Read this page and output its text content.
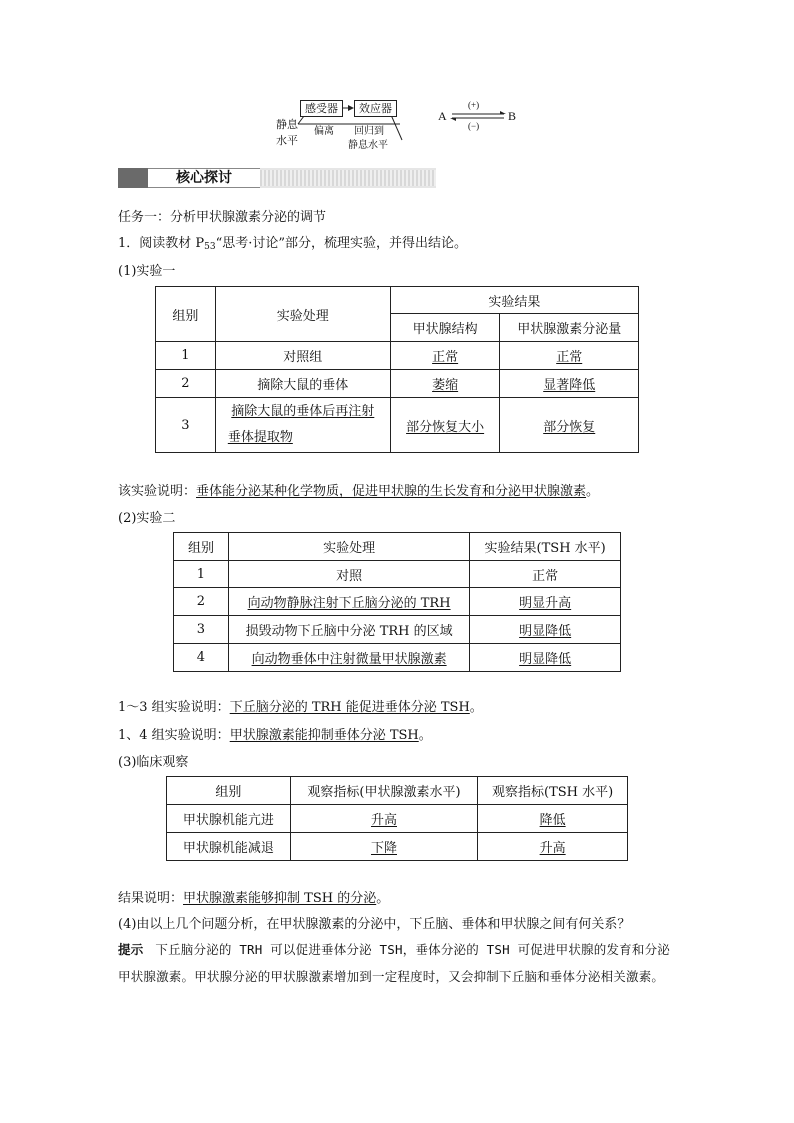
感受器	效应器
静息
水平
偏离 回归到
静息水平
A
(+)
(−)
B
核心探讨
任务一：分析甲状腺激素分泌的调节
1．阅读教材 $P_{53}“$思考·讨论”部分，梳理实验，并得出结论。
(1)实验一
组别	实验处理	实验结果	
		甲状腺结构	甲状腺激素分泌量
1	对照组	正常	正常
2	摘除大鼠的垂体	萎缩	显著降低
3	摘除大鼠的垂体后再注射
垂体提取物	部分恢复大小	部分恢复
该实验说明：垂体能分泌某种化学物质，促进甲状腺的生长发育和分泌甲状腺激素。
(2)实验二
组别	实验处理	实验结果(TSH 水平)
1	对照	正常
2	向动物静脉注射下丘脑分泌的 TRH	明显升高
3	损毁动物下丘脑中分泌 TRH 的区域	明显降低
4	向动物垂体中注射微量甲状腺激素	明显降低
1～3 组实验说明：下丘脑分泌的 TRH 能促进垂体分泌 TSH。
1、4 组实验说明：甲状腺激素能抑制垂体分泌 TSH。
(3)临床观察
组别	观察指标(甲状腺激素水平)	观察指标(TSH 水平)
甲状腺机能亢进	升高	降低
甲状腺机能减退	下降	升高
结果说明：甲状腺激素能够抑制 TSH 的分泌。
(4)由以上几个问题分析，在甲状腺激素的分泌中，下丘脑、垂体和甲状腺之间有何关系？
提示 下丘脑分泌的 TRH 可以促进垂体分泌 TSH，垂体分泌的 TSH 可促进甲状腺的发育和分泌甲状腺激素。甲状腺分泌的甲状腺激素增加到一定程度时，又会抑制下丘脑和垂体分泌相关激素。
